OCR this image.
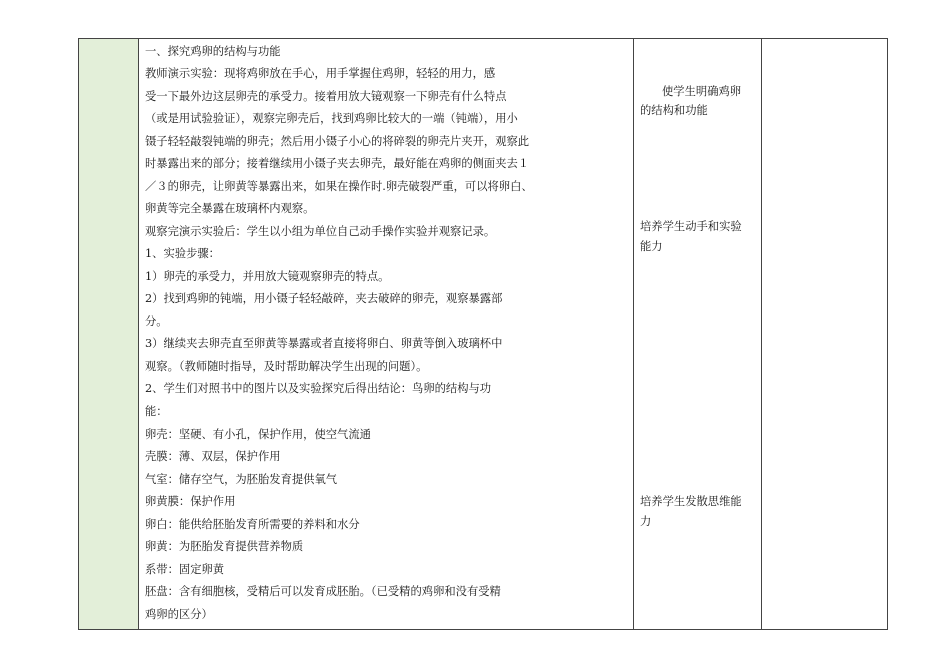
一、探究鸡卵的结构与功能
教师演示实验：现将鸡卵放在手心，用手掌握住鸡卵，轻轻的用力，感
受一下最外边这层卵壳的承受力。接着用放大镜观察一下卵壳有什么特点
（或是用试验验证），观察完卵壳后，找到鸡卵比较大的一端（钝端），用小
镊子轻轻敲裂钝端的卵壳；然后用小镊子小心的将碎裂的卵壳片夹开，观察此
时暴露出来的部分；接着继续用小镊子夹去卵壳，最好能在鸡卵的侧面夹去１
／３的卵壳，让卵黄等暴露出来，如果在操作时.卵壳破裂严重，可以将卵白、
卵黄等完全暴露在玻璃杯内观察。
观察完演示实验后：学生以小组为单位自己动手操作实验并观察记录。
1、实验步骤：
1）卵壳的承受力，并用放大镜观察卵壳的特点。
2）找到鸡卵的钝端，用小镊子轻轻敲碎，夹去破碎的卵壳，观察暴露部
分。
3）继续夹去卵壳直至卵黄等暴露或者直接将卵白、卵黄等倒入玻璃杯中
观察。（教师随时指导，及时帮助解决学生出现的问题）。
2、学生们对照书中的图片以及实验探究后得出结论：鸟卵的结构与功
能：
卵壳：坚硬、有小孔，保护作用，使空气流通
壳膜：薄、双层，保护作用
气室：储存空气，为胚胎发育提供氧气
卵黄膜：保护作用
卵白：能供给胚胎发育所需要的养料和水分
卵黄：为胚胎发育提供营养物质
系带：固定卵黄
胚盘：含有细胞核，受精后可以发育成胚胎。（已受精的鸡卵和没有受精
鸡卵的区分）
使学生明确鸡卵
的结构和功能
培养学生动手和实验
能力
培养学生发散思维能
力
